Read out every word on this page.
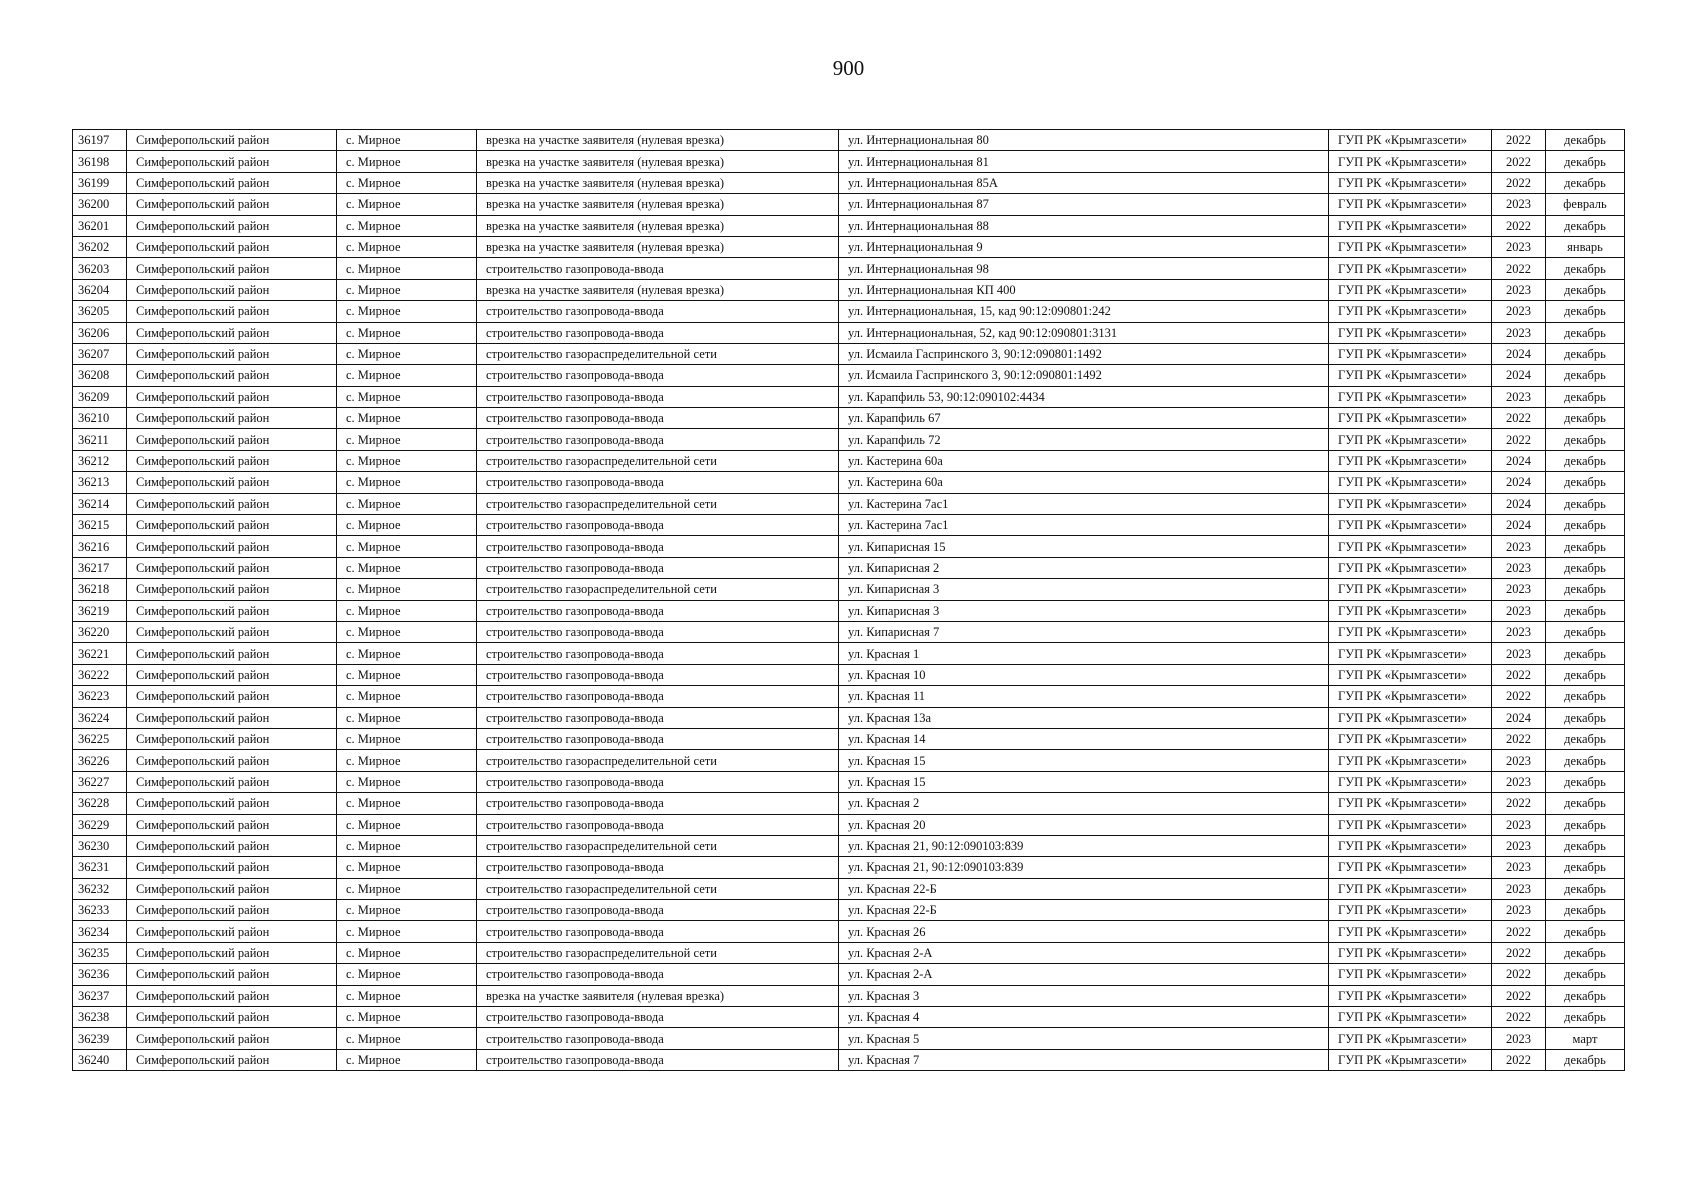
900
36197	Симферопольский район	с. Мирное	врезка на участке заявителя (нулевая врезка)	ул. Интернациональная 80	ГУП РК «Крымгазсети»	2022	декабрь
36198	Симферопольский район	с. Мирное	врезка на участке заявителя (нулевая врезка)	ул. Интернациональная 81	ГУП РК «Крымгазсети»	2022	декабрь
36199	Симферопольский район	с. Мирное	врезка на участке заявителя (нулевая врезка)	ул. Интернациональная 85А	ГУП РК «Крымгазсети»	2022	декабрь
36200	Симферопольский район	с. Мирное	врезка на участке заявителя (нулевая врезка)	ул. Интернациональная 87	ГУП РК «Крымгазсети»	2023	февраль
36201	Симферопольский район	с. Мирное	врезка на участке заявителя (нулевая врезка)	ул. Интернациональная 88	ГУП РК «Крымгазсети»	2022	декабрь
36202	Симферопольский район	с. Мирное	врезка на участке заявителя (нулевая врезка)	ул. Интернациональная 9	ГУП РК «Крымгазсети»	2023	январь
36203	Симферопольский район	с. Мирное	строительство газопровода-ввода	ул. Интернациональная 98	ГУП РК «Крымгазсети»	2022	декабрь
36204	Симферопольский район	с. Мирное	врезка на участке заявителя (нулевая врезка)	ул. Интернациональная КП 400	ГУП РК «Крымгазсети»	2023	декабрь
36205	Симферопольский район	с. Мирное	строительство газопровода-ввода	ул. Интернациональная, 15, кад 90:12:090801:242	ГУП РК «Крымгазсети»	2023	декабрь
36206	Симферопольский район	с. Мирное	строительство газопровода-ввода	ул. Интернациональная, 52, кад 90:12:090801:3131	ГУП РК «Крымгазсети»	2023	декабрь
36207	Симферопольский район	с. Мирное	строительство газораспределительной сети	ул. Исмаила Гаспринского 3, 90:12:090801:1492	ГУП РК «Крымгазсети»	2024	декабрь
36208	Симферопольский район	с. Мирное	строительство газопровода-ввода	ул. Исмаила Гаспринского 3, 90:12:090801:1492	ГУП РК «Крымгазсети»	2024	декабрь
36209	Симферопольский район	с. Мирное	строительство газопровода-ввода	ул. Карапфиль 53, 90:12:090102:4434	ГУП РК «Крымгазсети»	2023	декабрь
36210	Симферопольский район	с. Мирное	строительство газопровода-ввода	ул. Карапфиль 67	ГУП РК «Крымгазсети»	2022	декабрь
36211	Симферопольский район	с. Мирное	строительство газопровода-ввода	ул. Карапфиль 72	ГУП РК «Крымгазсети»	2022	декабрь
36212	Симферопольский район	с. Мирное	строительство газораспределительной сети	ул. Кастерина 60а	ГУП РК «Крымгазсети»	2024	декабрь
36213	Симферопольский район	с. Мирное	строительство газопровода-ввода	ул. Кастерина 60а	ГУП РК «Крымгазсети»	2024	декабрь
36214	Симферопольский район	с. Мирное	строительство газораспределительной сети	ул. Кастерина 7ас1	ГУП РК «Крымгазсети»	2024	декабрь
36215	Симферопольский район	с. Мирное	строительство газопровода-ввода	ул. Кастерина 7ас1	ГУП РК «Крымгазсети»	2024	декабрь
36216	Симферопольский район	с. Мирное	строительство газопровода-ввода	ул. Кипарисная 15	ГУП РК «Крымгазсети»	2023	декабрь
36217	Симферопольский район	с. Мирное	строительство газопровода-ввода	ул. Кипарисная 2	ГУП РК «Крымгазсети»	2023	декабрь
36218	Симферопольский район	с. Мирное	строительство газораспределительной сети	ул. Кипарисная 3	ГУП РК «Крымгазсети»	2023	декабрь
36219	Симферопольский район	с. Мирное	строительство газопровода-ввода	ул. Кипарисная 3	ГУП РК «Крымгазсети»	2023	декабрь
36220	Симферопольский район	с. Мирное	строительство газопровода-ввода	ул. Кипарисная 7	ГУП РК «Крымгазсети»	2023	декабрь
36221	Симферопольский район	с. Мирное	строительство газопровода-ввода	ул. Красная 1	ГУП РК «Крымгазсети»	2023	декабрь
36222	Симферопольский район	с. Мирное	строительство газопровода-ввода	ул. Красная 10	ГУП РК «Крымгазсети»	2022	декабрь
36223	Симферопольский район	с. Мирное	строительство газопровода-ввода	ул. Красная 11	ГУП РК «Крымгазсети»	2022	декабрь
36224	Симферопольский район	с. Мирное	строительство газопровода-ввода	ул. Красная 13а	ГУП РК «Крымгазсети»	2024	декабрь
36225	Симферопольский район	с. Мирное	строительство газопровода-ввода	ул. Красная 14	ГУП РК «Крымгазсети»	2022	декабрь
36226	Симферопольский район	с. Мирное	строительство газораспределительной сети	ул. Красная 15	ГУП РК «Крымгазсети»	2023	декабрь
36227	Симферопольский район	с. Мирное	строительство газопровода-ввода	ул. Красная 15	ГУП РК «Крымгазсети»	2023	декабрь
36228	Симферопольский район	с. Мирное	строительство газопровода-ввода	ул. Красная 2	ГУП РК «Крымгазсети»	2022	декабрь
36229	Симферопольский район	с. Мирное	строительство газопровода-ввода	ул. Красная 20	ГУП РК «Крымгазсети»	2023	декабрь
36230	Симферопольский район	с. Мирное	строительство газораспределительной сети	ул. Красная 21, 90:12:090103:839	ГУП РК «Крымгазсети»	2023	декабрь
36231	Симферопольский район	с. Мирное	строительство газопровода-ввода	ул. Красная 21, 90:12:090103:839	ГУП РК «Крымгазсети»	2023	декабрь
36232	Симферопольский район	с. Мирное	строительство газораспределительной сети	ул. Красная 22-Б	ГУП РК «Крымгазсети»	2023	декабрь
36233	Симферопольский район	с. Мирное	строительство газопровода-ввода	ул. Красная 22-Б	ГУП РК «Крымгазсети»	2023	декабрь
36234	Симферопольский район	с. Мирное	строительство газопровода-ввода	ул. Красная 26	ГУП РК «Крымгазсети»	2022	декабрь
36235	Симферопольский район	с. Мирное	строительство газораспределительной сети	ул. Красная 2-А	ГУП РК «Крымгазсети»	2022	декабрь
36236	Симферопольский район	с. Мирное	строительство газопровода-ввода	ул. Красная 2-А	ГУП РК «Крымгазсети»	2022	декабрь
36237	Симферопольский район	с. Мирное	врезка на участке заявителя (нулевая врезка)	ул. Красная 3	ГУП РК «Крымгазсети»	2022	декабрь
36238	Симферопольский район	с. Мирное	строительство газопровода-ввода	ул. Красная 4	ГУП РК «Крымгазсети»	2022	декабрь
36239	Симферопольский район	с. Мирное	строительство газопровода-ввода	ул. Красная 5	ГУП РК «Крымгазсети»	2023	март
36240	Симферопольский район	с. Мирное	строительство газопровода-ввода	ул. Красная 7	ГУП РК «Крымгазсети»	2022	декабрь
